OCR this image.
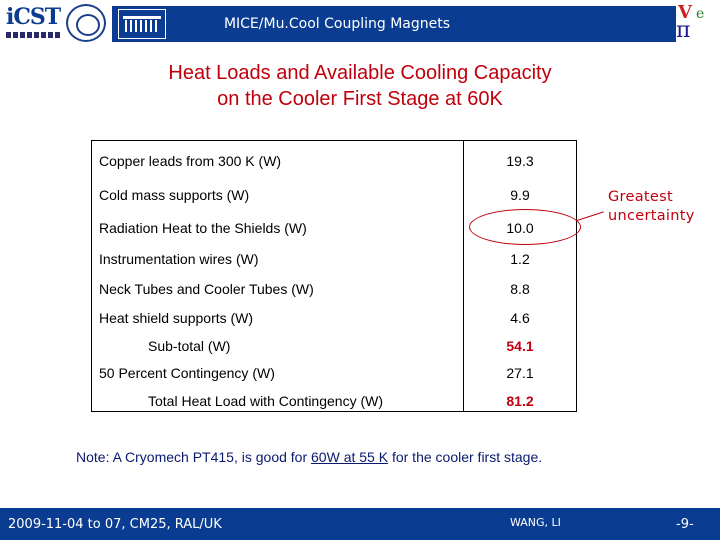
iCST	MICE/Mu.Cool Coupling Magnets
V e
π
Heat Loads and Available Cooling Capacity
on the Cooler First Stage at 60K
Copper leads from 300 K (W)	19.3
Cold mass supports (W)	9.9
Radiation Heat to the Shields (W)	10.0
Instrumentation wires (W)	1.2
Neck Tubes and Cooler Tubes (W)	8.8
Heat shield supports (W)	4.6
Sub-total (W)	54.1
50 Percent Contingency (W)	27.1
Total Heat Load with Contingency (W)	81.2
Greatest
uncertainty
Note: A Cryomech PT415, is good for 60W at 55 K for the cooler first stage.
2009-11-04 to 07, CM25, RAL/UK	WANG, LI	-9-
